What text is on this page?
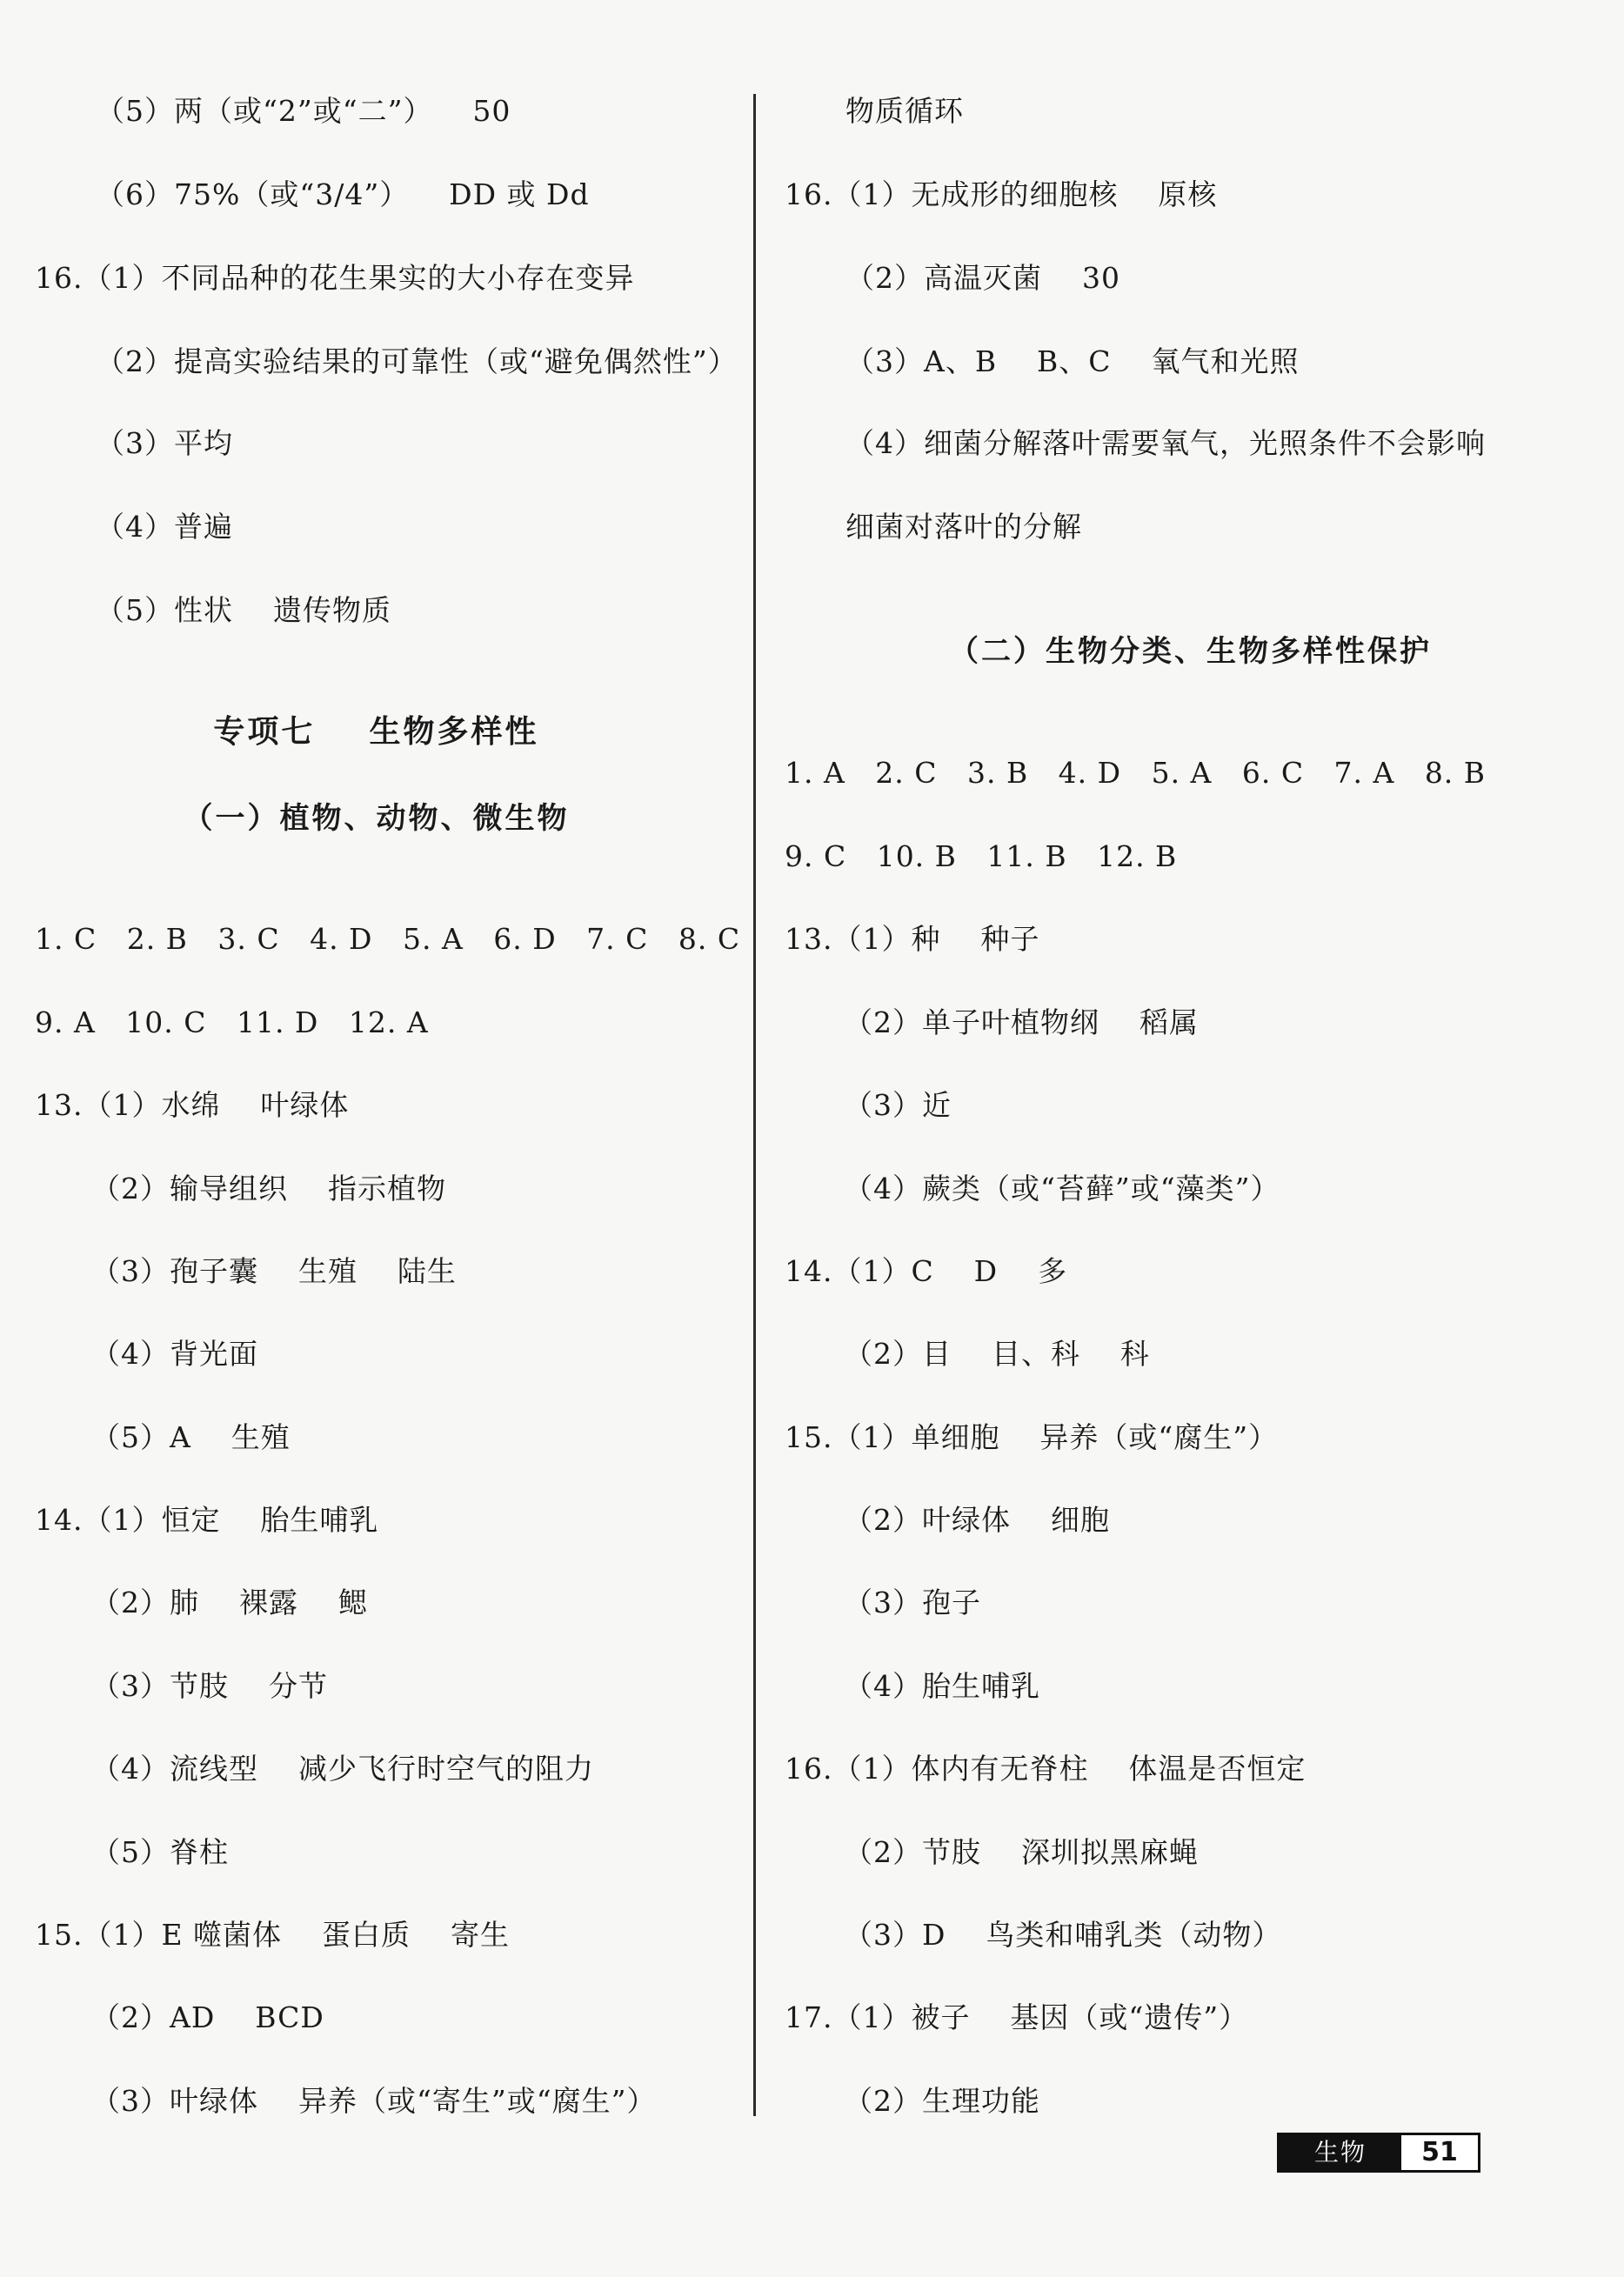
（5）两（或“2”或“二”）    50
（6）75%（或“3/4”）    DD 或 Dd
16.（1）不同品种的花生果实的大小存在变异
（2）提高实验结果的可靠性（或“避免偶然性”）
（3）平均
（4）普遍
（5）性状    遗传物质
专项七    生物多样性
（一）植物、动物、微生物
1. C   2. B   3. C   4. D   5. A   6. D   7. C   8. C
9. A   10. C   11. D   12. A
13.（1）水绵    叶绿体
（2）输导组织    指示植物
（3）孢子囊    生殖    陆生
（4）背光面
（5）A    生殖
14.（1）恒定    胎生哺乳
（2）肺    裸露    鳃
（3）节肢    分节
（4）流线型    减少飞行时空气的阻力
（5）脊柱
15.（1）E 噬菌体    蛋白质    寄生
（2）AD    BCD
（3）叶绿体    异养（或“寄生”或“腐生”）
物质循环
16.（1）无成形的细胞核    原核
（2）高温灭菌    30
（3）A、B    B、C    氧气和光照
（4）细菌分解落叶需要氧气，光照条件不会影响
细菌对落叶的分解
（二）生物分类、生物多样性保护
1. A   2. C   3. B   4. D   5. A   6. C   7. A   8. B
9. C   10. B   11. B   12. B
13.（1）种    种子
（2）单子叶植物纲    稻属
（3）近
（4）蕨类（或“苔藓”或“藻类”）
14.（1）C    D    多
（2）目    目、科    科
15.（1）单细胞    异养（或“腐生”）
（2）叶绿体    细胞
（3）孢子
（4）胎生哺乳
16.（1）体内有无脊柱    体温是否恒定
（2）节肢    深圳拟黑麻蝇
（3）D    鸟类和哺乳类（动物）
17.（1）被子    基因（或“遗传”）
（2）生理功能
生物	51
